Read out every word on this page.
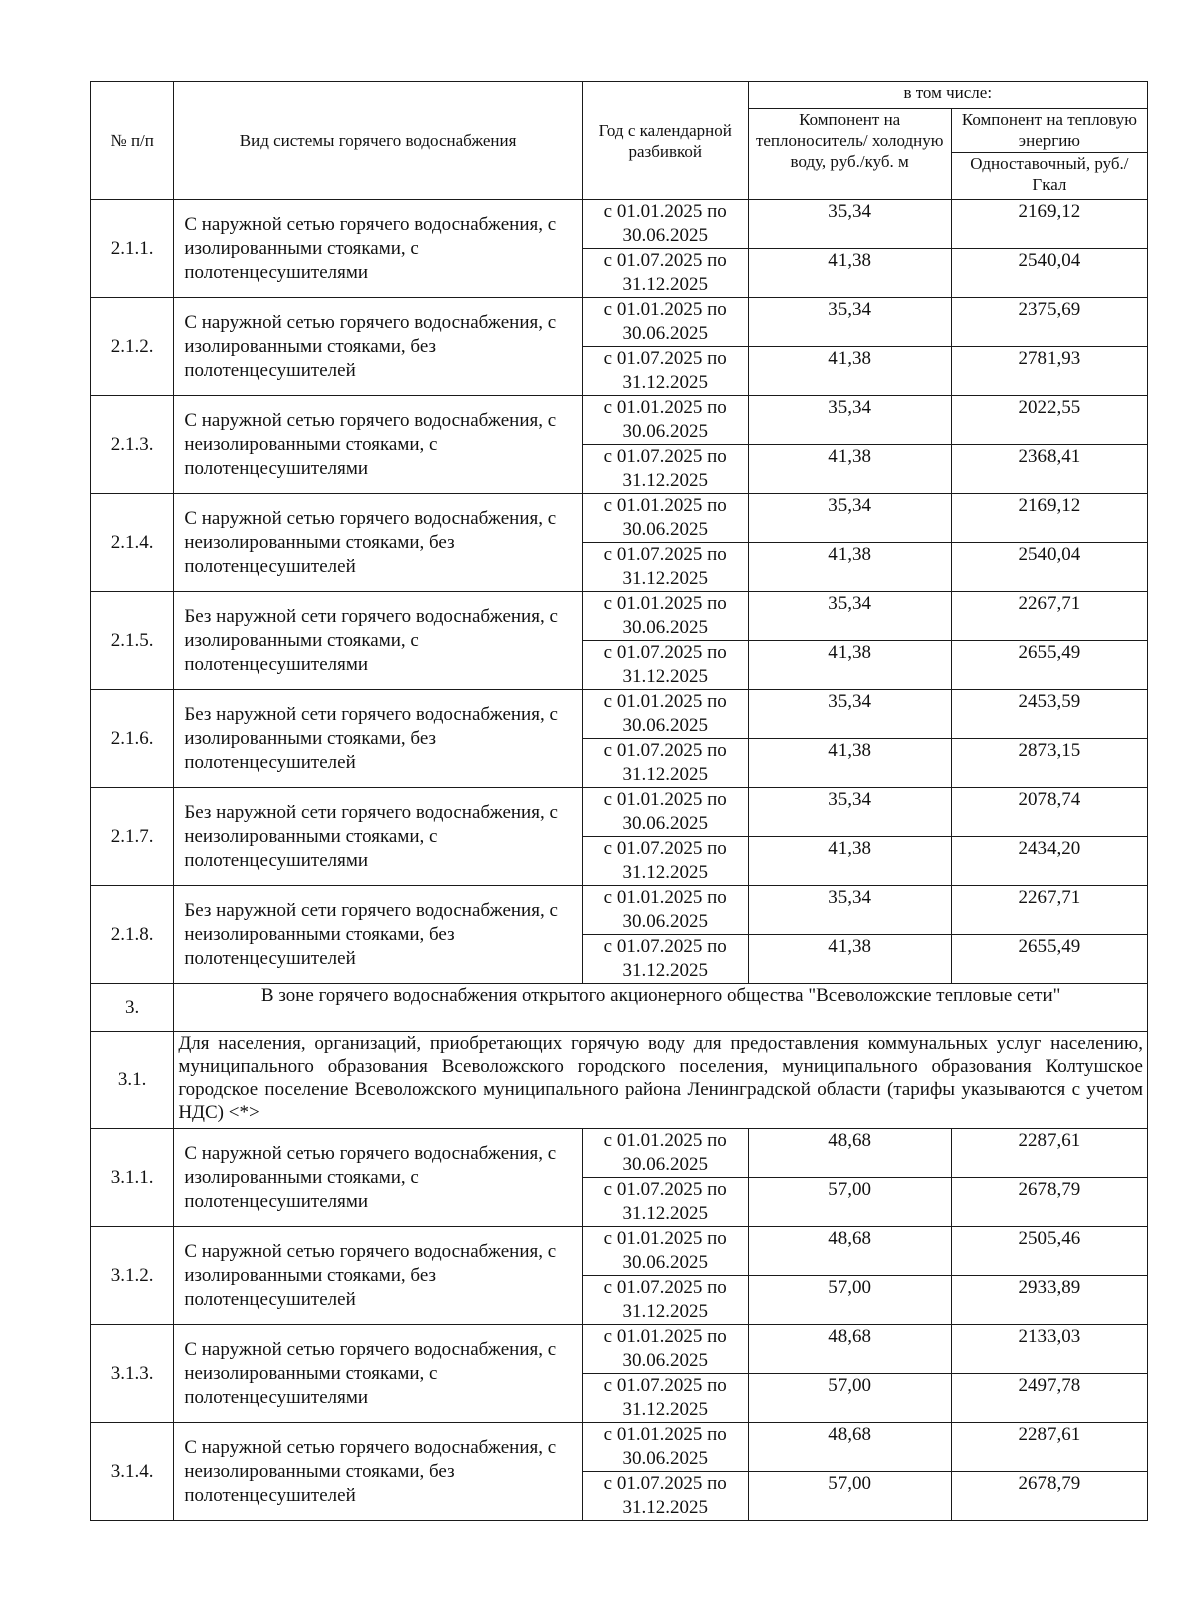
№ п/п	Вид системы горячего водоснабжения	Год с календарной разбивкой	в том числе:	
			Компонент на теплоноситель/ холодную воду, руб./куб. м	Компонент на тепловую энергию
				Одноставочный, руб./Гкал
2.1.1.	С наружной сетью горячего водоснабжения, с изолированными стояками, с полотенцесушителями	с 01.01.2025 по 30.06.2025	35,34	2169,12
		с 01.07.2025 по 31.12.2025	41,38	2540,04
2.1.2.	С наружной сетью горячего водоснабжения, с изолированными стояками, без полотенцесушителей	с 01.01.2025 по 30.06.2025	35,34	2375,69
		с 01.07.2025 по 31.12.2025	41,38	2781,93
2.1.3.	С наружной сетью горячего водоснабжения, с неизолированными стояками, с полотенцесушителями	с 01.01.2025 по 30.06.2025	35,34	2022,55
		с 01.07.2025 по 31.12.2025	41,38	2368,41
2.1.4.	С наружной сетью горячего водоснабжения, с неизолированными стояками, без полотенцесушителей	с 01.01.2025 по 30.06.2025	35,34	2169,12
		с 01.07.2025 по 31.12.2025	41,38	2540,04
2.1.5.	Без наружной сети горячего водоснабжения, с изолированными стояками, с полотенцесушителями	с 01.01.2025 по 30.06.2025	35,34	2267,71
		с 01.07.2025 по 31.12.2025	41,38	2655,49
2.1.6.	Без наружной сети горячего водоснабжения, с изолированными стояками, без полотенцесушителей	с 01.01.2025 по 30.06.2025	35,34	2453,59
		с 01.07.2025 по 31.12.2025	41,38	2873,15
2.1.7.	Без наружной сети горячего водоснабжения, с неизолированными стояками, с полотенцесушителями	с 01.01.2025 по 30.06.2025	35,34	2078,74
		с 01.07.2025 по 31.12.2025	41,38	2434,20
2.1.8.	Без наружной сети горячего водоснабжения, с неизолированными стояками, без полотенцесушителей	с 01.01.2025 по 30.06.2025	35,34	2267,71
		с 01.07.2025 по 31.12.2025	41,38	2655,49
3.	В зоне горячего водоснабжения открытого акционерного общества "Всеволожские тепловые сети"			
3.1.	Для населения, организаций, приобретающих горячую воду для предоставления коммунальных услуг населению, муниципального образования Всеволожского городского поселения, муниципального образования Колтушское городское поселение Всеволожского муниципального района Ленинградской области (тарифы указываются с учетом НДС) <*>			
3.1.1.	С наружной сетью горячего водоснабжения, с изолированными стояками, с полотенцесушителями	с 01.01.2025 по 30.06.2025	48,68	2287,61
		с 01.07.2025 по 31.12.2025	57,00	2678,79
3.1.2.	С наружной сетью горячего водоснабжения, с изолированными стояками, без полотенцесушителей	с 01.01.2025 по 30.06.2025	48,68	2505,46
		с 01.07.2025 по 31.12.2025	57,00	2933,89
3.1.3.	С наружной сетью горячего водоснабжения, с неизолированными стояками, с полотенцесушителями	с 01.01.2025 по 30.06.2025	48,68	2133,03
		с 01.07.2025 по 31.12.2025	57,00	2497,78
3.1.4.	С наружной сетью горячего водоснабжения, с неизолированными стояками, без полотенцесушителей	с 01.01.2025 по 30.06.2025	48,68	2287,61
		с 01.07.2025 по 31.12.2025	57,00	2678,79
